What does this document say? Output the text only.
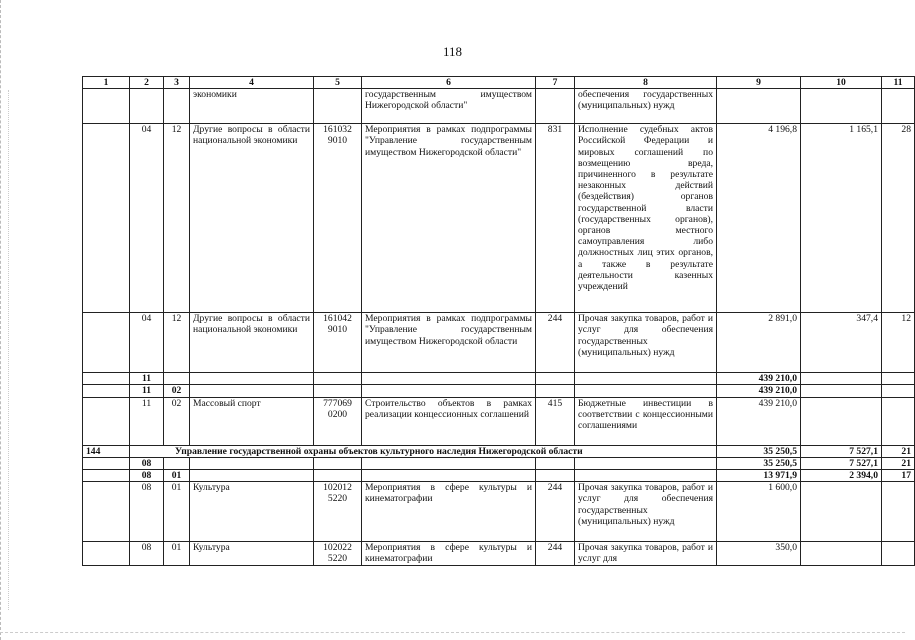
118
1	2	3	4	5	6	7	8	9	10	11
			экономики		государственным имуществом Нижегородской области"		обеспечения государственных (муниципальных) нужд			
	04	12	Другие вопросы в области национальной экономики	161032 9010	Мероприятия в рамках подпрограммы "Управление государственным имуществом Нижегородской области"	831	Исполнение судебных актов Российской Федерации и мировых соглашений по возмещению вреда, причиненного в результате незаконных действий (бездействия) органов государственной власти (государственных органов), органов местного самоуправления либо должностных лиц этих органов, а также в результате деятельности казенных учреждений	4 196,8	1 165,1	28
	04	12	Другие вопросы в области национальной экономики	161042 9010	Мероприятия в рамках подпрограммы "Управление государственным имуществом Нижегородской области	244	Прочая закупка товаров, работ и услуг для обеспечения государственных (муниципальных) нужд	2 891,0	347,4	12
	11							439 210,0		
	11	02						439 210,0		
	11	02	Массовый спорт	777069 0200	Строительство объектов в рамках реализации концессионных соглашений	415	Бюджетные инвестиции в соответствии с концессионными соглашениями	439 210,0		
144	Управление государственной охраны объектов культурного наследия Нижегородской области							35 250,5	7 527,1	21
	08							35 250,5	7 527,1	21
	08	01						13 971,9	2 394,0	17
	08	01	Культура	102012 5220	Мероприятия в сфере культуры и кинематографии	244	Прочая закупка товаров, работ и услуг для обеспечения государственных (муниципальных) нужд	1 600,0		
	08	01	Культура	102022 5220	Мероприятия в сфере культуры и кинематографии	244	Прочая закупка товаров, работ и услуг для	350,0		
